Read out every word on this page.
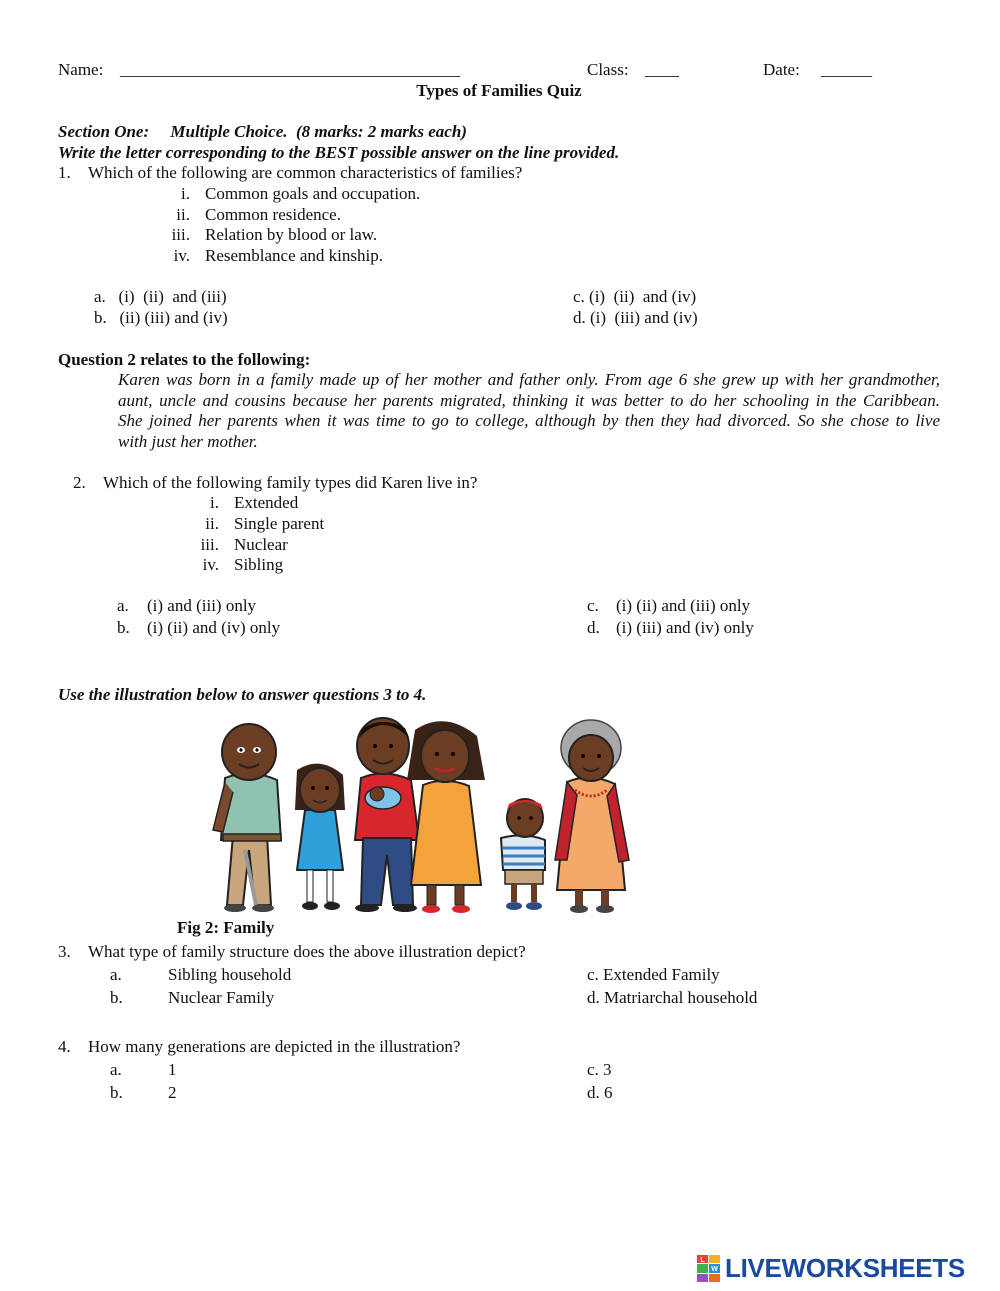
Name: ________________________________________	Class: ____	Date: ______
Types of Families Quiz
Section One:     Multiple Choice.  (8 marks: 2 marks each)
Write the letter corresponding to the BEST possible answer on the line provided.
1. Which of the following are common characteristics of families?
i. Common goals and occupation.
ii. Common residence.
iii. Relation by blood or law.
iv. Resemblance and kinship.
a.   (i)  (ii)  and (iii)
b.   (ii) (iii) and (iv)
c. (i)  (ii)  and (iv)
d. (i)  (iii) and (iv)
Question 2 relates to the following:
Karen was born in a family made up of her mother and father only. From age 6 she grew up with her grandmother,
aunt, uncle and cousins because her parents migrated, thinking it was better to do her schooling in the Caribbean.
She joined her parents when it was time to go to college, although by then they had divorced. So she chose to live
with just her mother.
2. Which of the following family types did Karen live in?
i. Extended
ii. Single parent
iii. Nuclear
iv. Sibling
a. (i) and (iii) only
b. (i) (ii) and (iv) only
c. (i) (ii) and (iii) only
d. (i) (iii) and (iv) only
Use the illustration below to answer questions 3 to 4.
Fig 2: Family
3. What type of family structure does the above illustration depict?
a.	Sibling household
b.	Nuclear Family
c. Extended Family
d. Matriarchal household
4. How many generations are depicted in the illustration?
a.	1
b.	2
c. 3
d. 6
L
W LIVEWORKSHEETS
